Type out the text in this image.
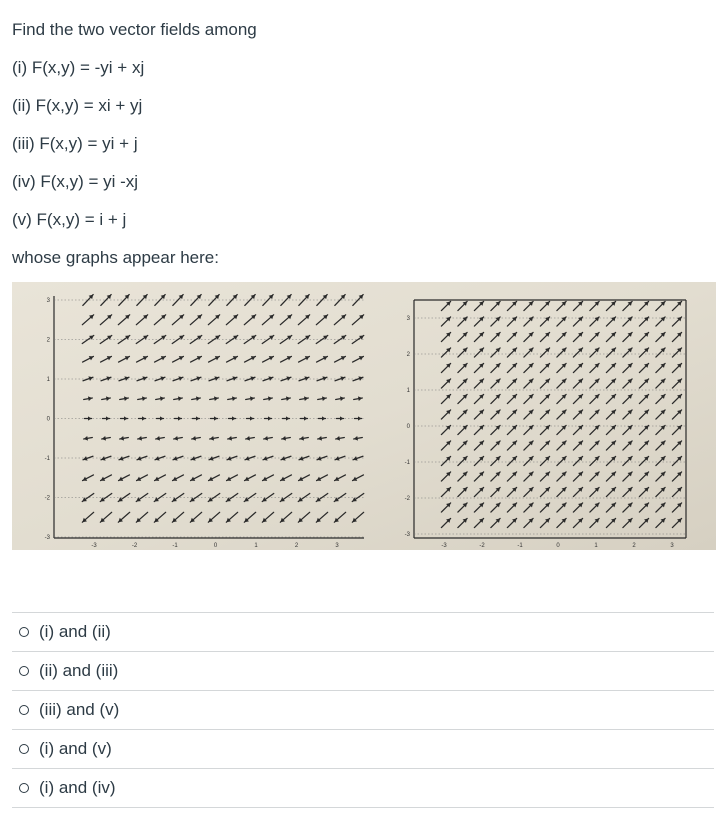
Find the two vector fields among
(i) F(x,y) = -yi + xj
(ii) F(x,y) = xi + yj
(iii) F(x,y) = yi + j
(iv) F(x,y) = yi -xj
(v) F(x,y) = i + j
whose graphs appear here:
3
2
1
0
-1
-2
-3
-3	-2	-1	0	1	2	3
3
2
1
0
-1
-2
-3
-3	-2	-1	0	1	2	3
(i) and (ii)
(ii) and (iii)
(iii) and (v)
(i) and (v)
(i) and (iv)
